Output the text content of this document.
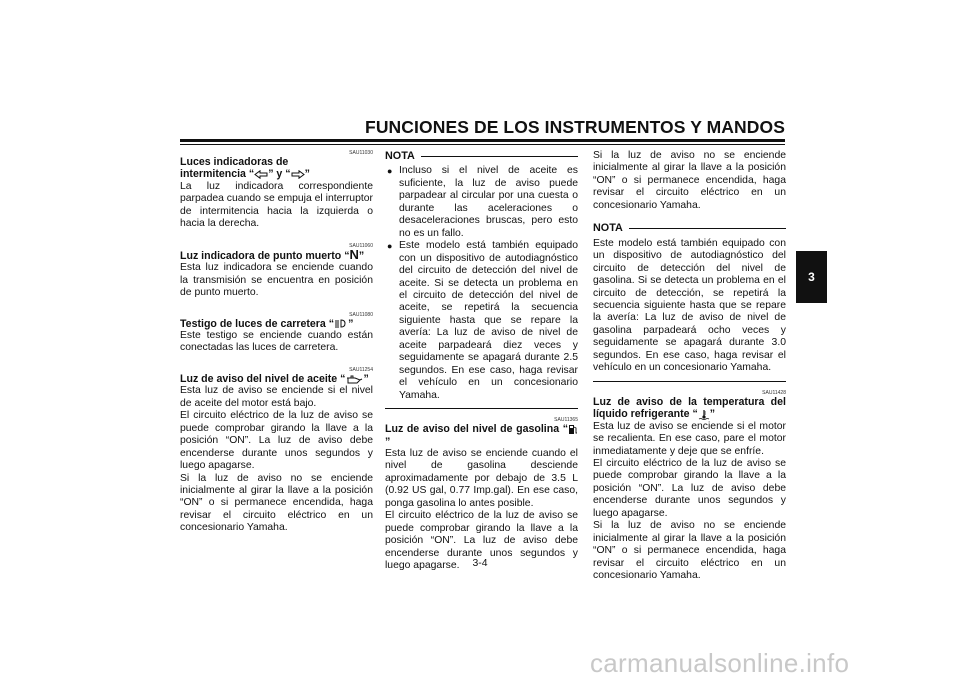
FUNCIONES DE LOS INSTRUMENTOS Y MANDOS
3

SAU11030

Luces indicadoras de
intermitencia “ ” y “ ”

La luz indicadora correspondiente parpadea cuando se empuja el interruptor de intermitencia hacia la izquierda o hacia la derecha.

SAU11060

Luz indicadora de punto muerto “N”

Esta luz indicadora se enciende cuando la transmisión se encuentra en posición de punto muerto.

SAU11080

Testigo de luces de carretera “ ”

Este testigo se enciende cuando están conectadas las luces de carretera.

SAU11254

Luz de aviso del nivel de aceite “ ”

Esta luz de aviso se enciende si el nivel de aceite del motor está bajo.

El circuito eléctrico de la luz de aviso se puede comprobar girando la llave a la posición “ON”. La luz de aviso debe encenderse durante unos segundos y luego apagarse.

Si la luz de aviso no se enciende inicialmente al girar la llave a la posición “ON” o si permanece encendida, haga revisar el circuito eléctrico en un concesionario Yamaha.

NOTA
● Incluso si el nivel de aceite es suficiente, la luz de aviso puede parpadear al circular por una cuesta o durante las aceleraciones o desaceleraciones bruscas, pero esto no es un fallo.
● Este modelo está también equipado con un dispositivo de autodiagnóstico del circuito de detección del nivel de aceite. Si se detecta un problema en el circuito de detección del nivel de aceite, se repetirá la secuencia siguiente hasta que se repare la avería: La luz de aviso de nivel de aceite parpadeará diez veces y seguidamente se apagará durante 2.5 segundos. En ese caso, haga revisar el vehículo en un concesionario Yamaha.

SAU11365

Luz de aviso del nivel de gasolina “”

Esta luz de aviso se enciende cuando el nivel de gasolina desciende aproximadamente por debajo de 3.5 L (0.92 US gal, 0.77 Imp.gal). En ese caso, ponga gasolina lo antes posible.

El circuito eléctrico de la luz de aviso se puede comprobar girando la llave a la posición “ON”. La luz de aviso debe encenderse durante unos segundos y luego apagarse.

Si la luz de aviso no se enciende inicialmente al girar la llave a la posición “ON” o si permanece encendida, haga revisar el circuito eléctrico en un concesionario Yamaha.

NOTA

Este modelo está también equipado con un dispositivo de autodiagnóstico del circuito de detección del nivel de gasolina. Si se detecta un problema en el circuito de detección, se repetirá la secuencia siguiente hasta que se repare la avería: La luz de aviso de nivel de gasolina parpadeará ocho veces y seguidamente se apagará durante 3.0 segundos. En ese caso, haga revisar el vehículo en un concesionario Yamaha.

SAU11428

Luz de aviso de la temperatura del líquido refrigerante “ ”

Esta luz de aviso se enciende si el motor se recalienta. En ese caso, pare el motor inmediatamente y deje que se enfríe.

El circuito eléctrico de la luz de aviso se puede comprobar girando la llave a la posición “ON”. La luz de aviso debe encenderse durante unos segundos y luego apagarse.

Si la luz de aviso no se enciende inicialmente al girar la llave a la posición “ON” o si permanece encendida, haga revisar el circuito eléctrico en un concesionario Yamaha.

3-4
carmanualsonline.info
